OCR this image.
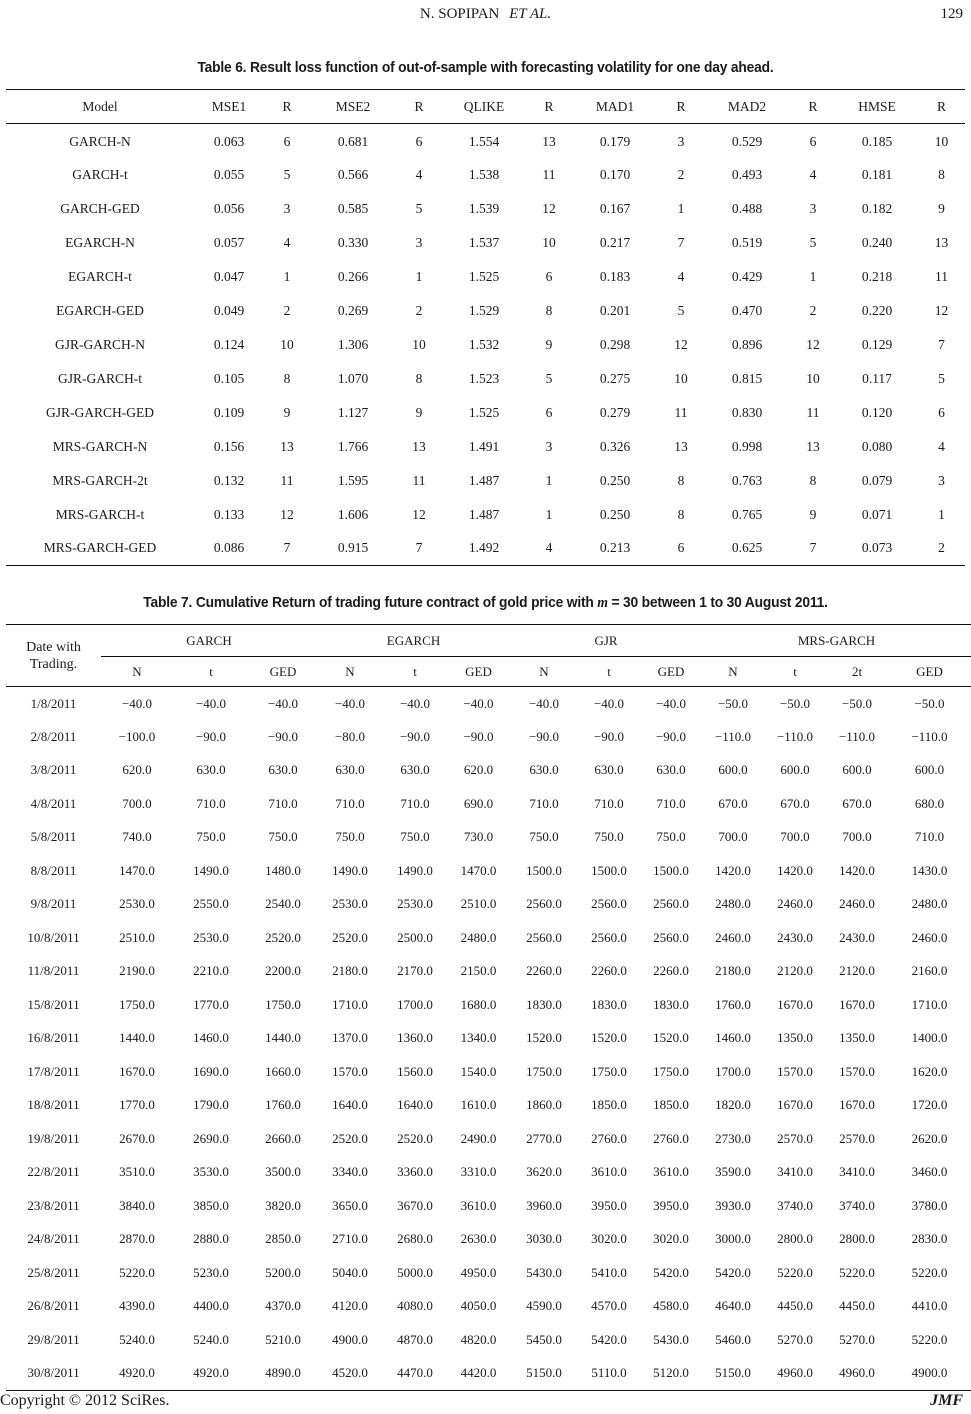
N. SOPIPAN ET AL.	129
Table 6. Result loss function of out-of-sample with forecasting volatility for one day ahead.
Model	MSE1	R	MSE2	R	QLIKE	R	MAD1	R	MAD2	R	HMSE	R
GARCH-N	0.063	6	0.681	6	1.554	13	0.179	3	0.529	6	0.185	10
GARCH-t	0.055	5	0.566	4	1.538	11	0.170	2	0.493	4	0.181	8
GARCH-GED	0.056	3	0.585	5	1.539	12	0.167	1	0.488	3	0.182	9
EGARCH-N	0.057	4	0.330	3	1.537	10	0.217	7	0.519	5	0.240	13
EGARCH-t	0.047	1	0.266	1	1.525	6	0.183	4	0.429	1	0.218	11
EGARCH-GED	0.049	2	0.269	2	1.529	8	0.201	5	0.470	2	0.220	12
GJR-GARCH-N	0.124	10	1.306	10	1.532	9	0.298	12	0.896	12	0.129	7
GJR-GARCH-t	0.105	8	1.070	8	1.523	5	0.275	10	0.815	10	0.117	5
GJR-GARCH-GED	0.109	9	1.127	9	1.525	6	0.279	11	0.830	11	0.120	6
MRS-GARCH-N	0.156	13	1.766	13	1.491	3	0.326	13	0.998	13	0.080	4
MRS-GARCH-2t	0.132	11	1.595	11	1.487	1	0.250	8	0.763	8	0.079	3
MRS-GARCH-t	0.133	12	1.606	12	1.487	1	0.250	8	0.765	9	0.071	1
MRS-GARCH-GED	0.086	7	0.915	7	1.492	4	0.213	6	0.625	7	0.073	2
Table 7. Cumulative Return of trading future contract of gold price with m = 30 between 1 to 30 August 2011.
Date with
Trading.	GARCH			EGARCH			GJR			MRS-GARCH			
	N	t	GED	N	t	GED	N	t	GED	N	t	2t	GED
1/8/2011	−40.0	−40.0	−40.0	−40.0	−40.0	−40.0	−40.0	−40.0	−40.0	−50.0	−50.0	−50.0	−50.0
2/8/2011	−100.0	−90.0	−90.0	−80.0	−90.0	−90.0	−90.0	−90.0	−90.0	−110.0	−110.0	−110.0	−110.0
3/8/2011	620.0	630.0	630.0	630.0	630.0	620.0	630.0	630.0	630.0	600.0	600.0	600.0	600.0
4/8/2011	700.0	710.0	710.0	710.0	710.0	690.0	710.0	710.0	710.0	670.0	670.0	670.0	680.0
5/8/2011	740.0	750.0	750.0	750.0	750.0	730.0	750.0	750.0	750.0	700.0	700.0	700.0	710.0
8/8/2011	1470.0	1490.0	1480.0	1490.0	1490.0	1470.0	1500.0	1500.0	1500.0	1420.0	1420.0	1420.0	1430.0
9/8/2011	2530.0	2550.0	2540.0	2530.0	2530.0	2510.0	2560.0	2560.0	2560.0	2480.0	2460.0	2460.0	2480.0
10/8/2011	2510.0	2530.0	2520.0	2520.0	2500.0	2480.0	2560.0	2560.0	2560.0	2460.0	2430.0	2430.0	2460.0
11/8/2011	2190.0	2210.0	2200.0	2180.0	2170.0	2150.0	2260.0	2260.0	2260.0	2180.0	2120.0	2120.0	2160.0
15/8/2011	1750.0	1770.0	1750.0	1710.0	1700.0	1680.0	1830.0	1830.0	1830.0	1760.0	1670.0	1670.0	1710.0
16/8/2011	1440.0	1460.0	1440.0	1370.0	1360.0	1340.0	1520.0	1520.0	1520.0	1460.0	1350.0	1350.0	1400.0
17/8/2011	1670.0	1690.0	1660.0	1570.0	1560.0	1540.0	1750.0	1750.0	1750.0	1700.0	1570.0	1570.0	1620.0
18/8/2011	1770.0	1790.0	1760.0	1640.0	1640.0	1610.0	1860.0	1850.0	1850.0	1820.0	1670.0	1670.0	1720.0
19/8/2011	2670.0	2690.0	2660.0	2520.0	2520.0	2490.0	2770.0	2760.0	2760.0	2730.0	2570.0	2570.0	2620.0
22/8/2011	3510.0	3530.0	3500.0	3340.0	3360.0	3310.0	3620.0	3610.0	3610.0	3590.0	3410.0	3410.0	3460.0
23/8/2011	3840.0	3850.0	3820.0	3650.0	3670.0	3610.0	3960.0	3950.0	3950.0	3930.0	3740.0	3740.0	3780.0
24/8/2011	2870.0	2880.0	2850.0	2710.0	2680.0	2630.0	3030.0	3020.0	3020.0	3000.0	2800.0	2800.0	2830.0
25/8/2011	5220.0	5230.0	5200.0	5040.0	5000.0	4950.0	5430.0	5410.0	5420.0	5420.0	5220.0	5220.0	5220.0
26/8/2011	4390.0	4400.0	4370.0	4120.0	4080.0	4050.0	4590.0	4570.0	4580.0	4640.0	4450.0	4450.0	4410.0
29/8/2011	5240.0	5240.0	5210.0	4900.0	4870.0	4820.0	5450.0	5420.0	5430.0	5460.0	5270.0	5270.0	5220.0
30/8/2011	4920.0	4920.0	4890.0	4520.0	4470.0	4420.0	5150.0	5110.0	5120.0	5150.0	4960.0	4960.0	4900.0
Copyright © 2012 SciRes.	JMF
